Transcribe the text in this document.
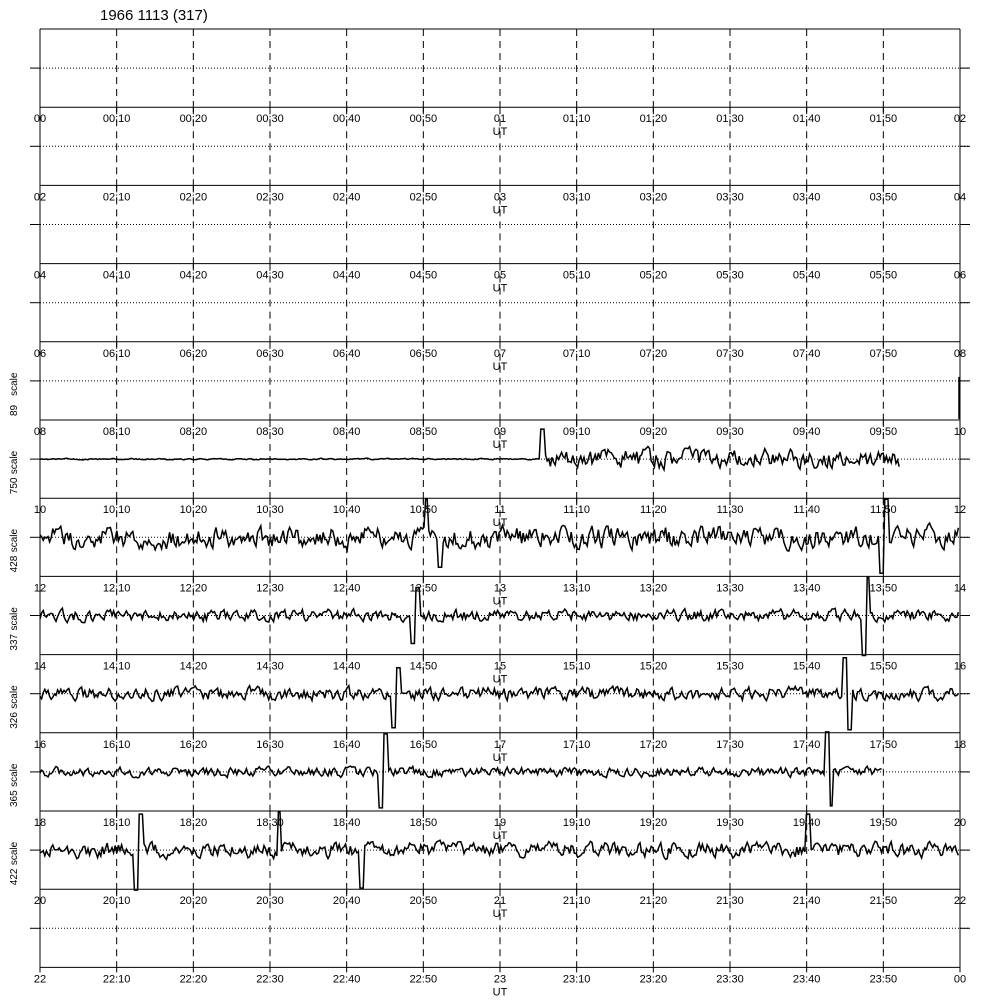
1966 1113 (317)
00	00:10	00:20	00:30	00:40	00:50	01	01:10	01:20	01:30	01:40	01:50	02
UT
02	02:10	02:20	02:30	02:40	02:50	03	03:10	03:20	03:30	03:40	03:50	04
UT
04	04:10	04:20	04:30	04:40	04:50	05	05:10	05:20	05:30	05:40	05:50	06
UT
06	06:10	06:20	06:30	06:40	06:50	07	07:10	07:20	07:30	07:40	07:50	08
UT
08	08:10	08:20	08:30	08:40	08:50	09	09:10	09:20	09:30	09:40	09:50	10
UT
89
scale
10	10:10	10:20	10:30	10:40	10:50	11	11:10	11:20	11:30	11:40	11:50	12
UT
750
scale
12	12:10	12:20	12:30	12:40	12:50	13	13:10	13:20	13:30	13:40	13:50	14
UT
428
scale
14	14:10	14:20	14:30	14:40	14:50	15	15:10	15:20	15:30	15:40	15:50	16
UT
337
scale
16	16:10	16:20	16:30	16:40	16:50	17	17:10	17:20	17:30	17:40	17:50	18
UT
326
scale
18	18:10	18:20	18:30	18:40	18:50	19	19:10	19:20	19:30	19:40	19:50	20
UT
365
scale
20	20:10	20:20	20:30	20:40	20:50	21	21:10	21:20	21:30	21:40	21:50	22
UT
422
scale
22	22:10	22:20	22:30	22:40	22:50	23	23:10	23:20	23:30	23:40	23:50	00
UT
